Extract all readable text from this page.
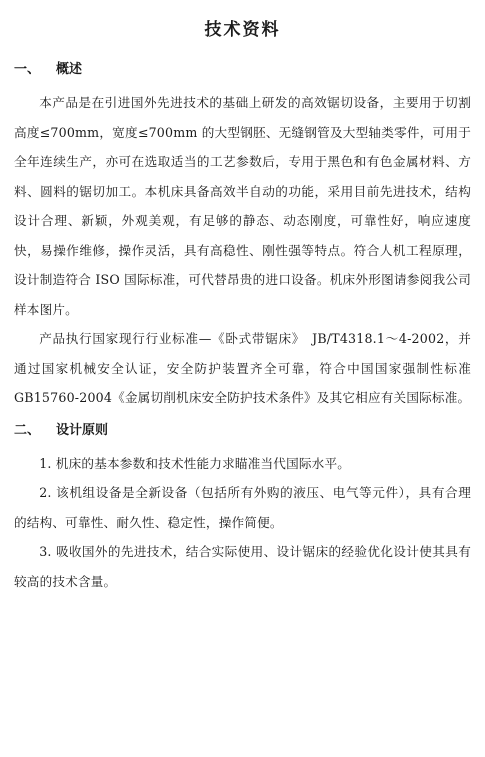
技术资料
一、 概述

本产品是在引进国外先进技术的基础上研发的高效锯切设备，主要用于切割高度≤700mm，宽度≤700mm 的大型钢胚、无缝钢管及大型轴类零件，可用于全年连续生产，亦可在选取适当的工艺参数后，专用于黑色和有色金属材料、方料、圆料的锯切加工。本机床具备高效半自动的功能，采用目前先进技术，结构设计合理、新颖，外观美观，有足够的静态、动态刚度，可靠性好，响应速度快，易操作维修，操作灵活，具有高稳性、刚性强等特点。符合人机工程原理，设计制造符合 ISO 国际标准，可代替昂贵的进口设备。机床外形图请参阅我公司样本图片。

产品执行国家现行行业标准—《卧式带锯床》　JB/T4318.1～4-2002，并通过国家机械安全认证，安全防护装置齐全可靠，符合中国国家强制性标准 GB15760-2004《金属切削机床安全防护技术条件》及其它相应有关国际标准。

二、 设计原则

1. 机床的基本参数和技术性能力求瞄准当代国际水平。

2. 该机组设备是全新设备（包括所有外购的液压、电气等元件），具有合理的结构、可靠性、耐久性、稳定性，操作简便。

3. 吸收国外的先进技术，结合实际使用、设计锯床的经验优化设计使其具有较高的技术含量。
